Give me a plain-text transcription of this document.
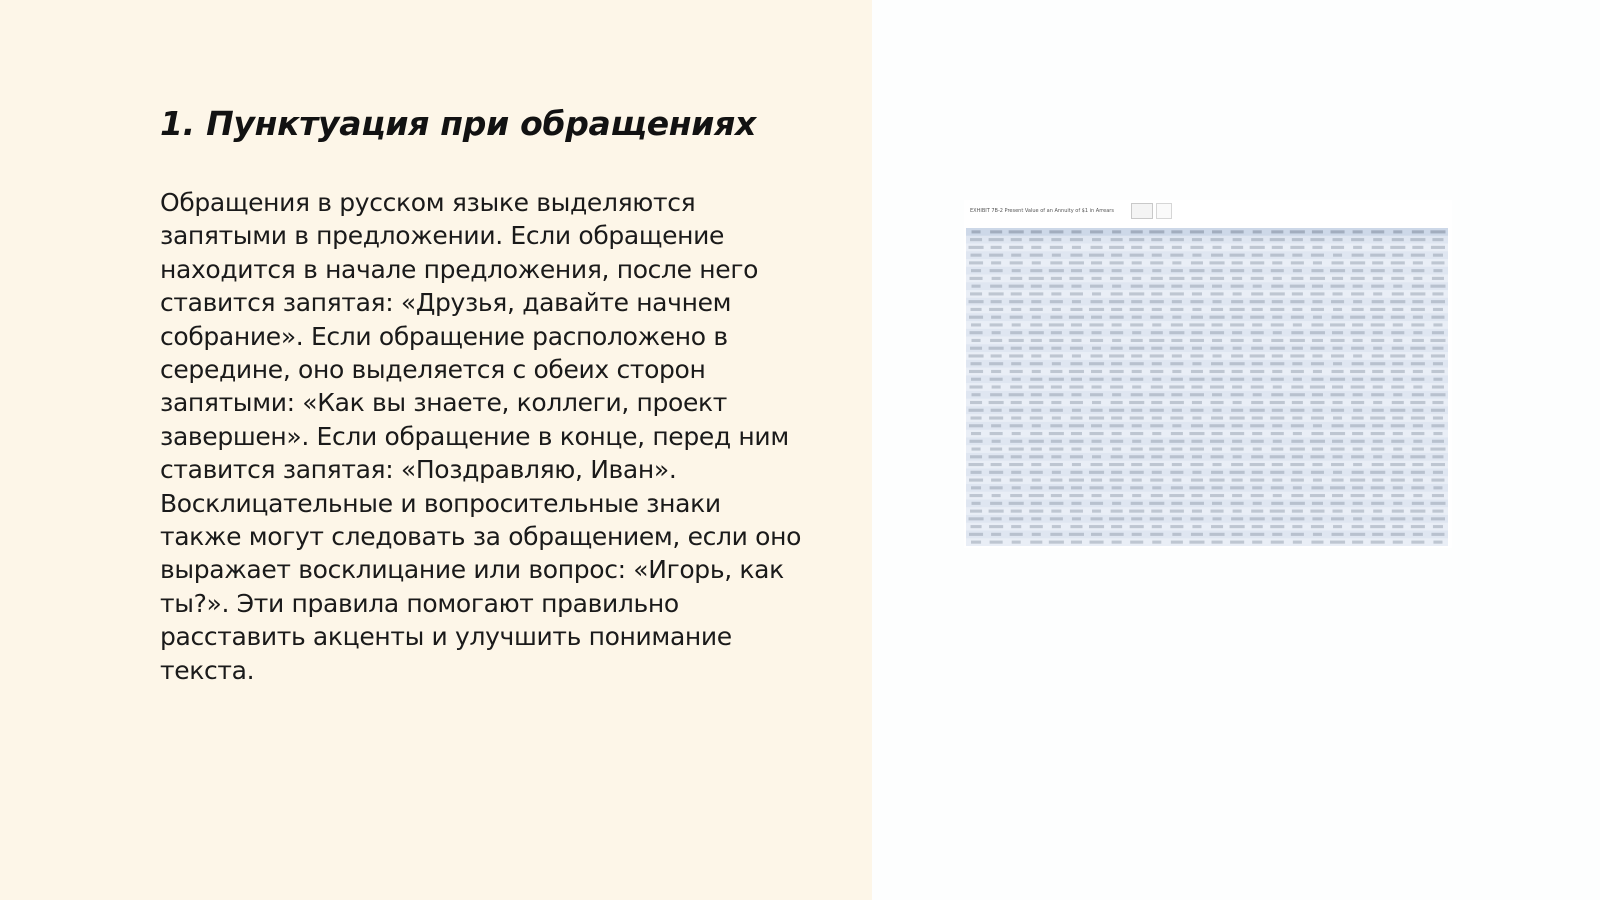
1. Пунктуация при обращениях

Обращения в русском языке выделяются
запятыми в предложении. Если обращение
находится в начале предложения, после него
ставится запятая: «Друзья, давайте начнем
собрание». Если обращение расположено в
середине, оно выделяется с обеих сторон
запятыми: «Как вы знаете, коллеги, проект
завершен». Если обращение в конце, перед ним
ставится запятая: «Поздравляю, Иван».
Восклицательные и вопросительные знаки
также могут следовать за обращением, если оно
выражает восклицание или вопрос: «Игорь, как
ты?». Эти правила помогают правильно
расставить акценты и улучшить понимание
текста.

EXHIBIT 7B-2 Present Value of an Annuity of $1 in Arrears
